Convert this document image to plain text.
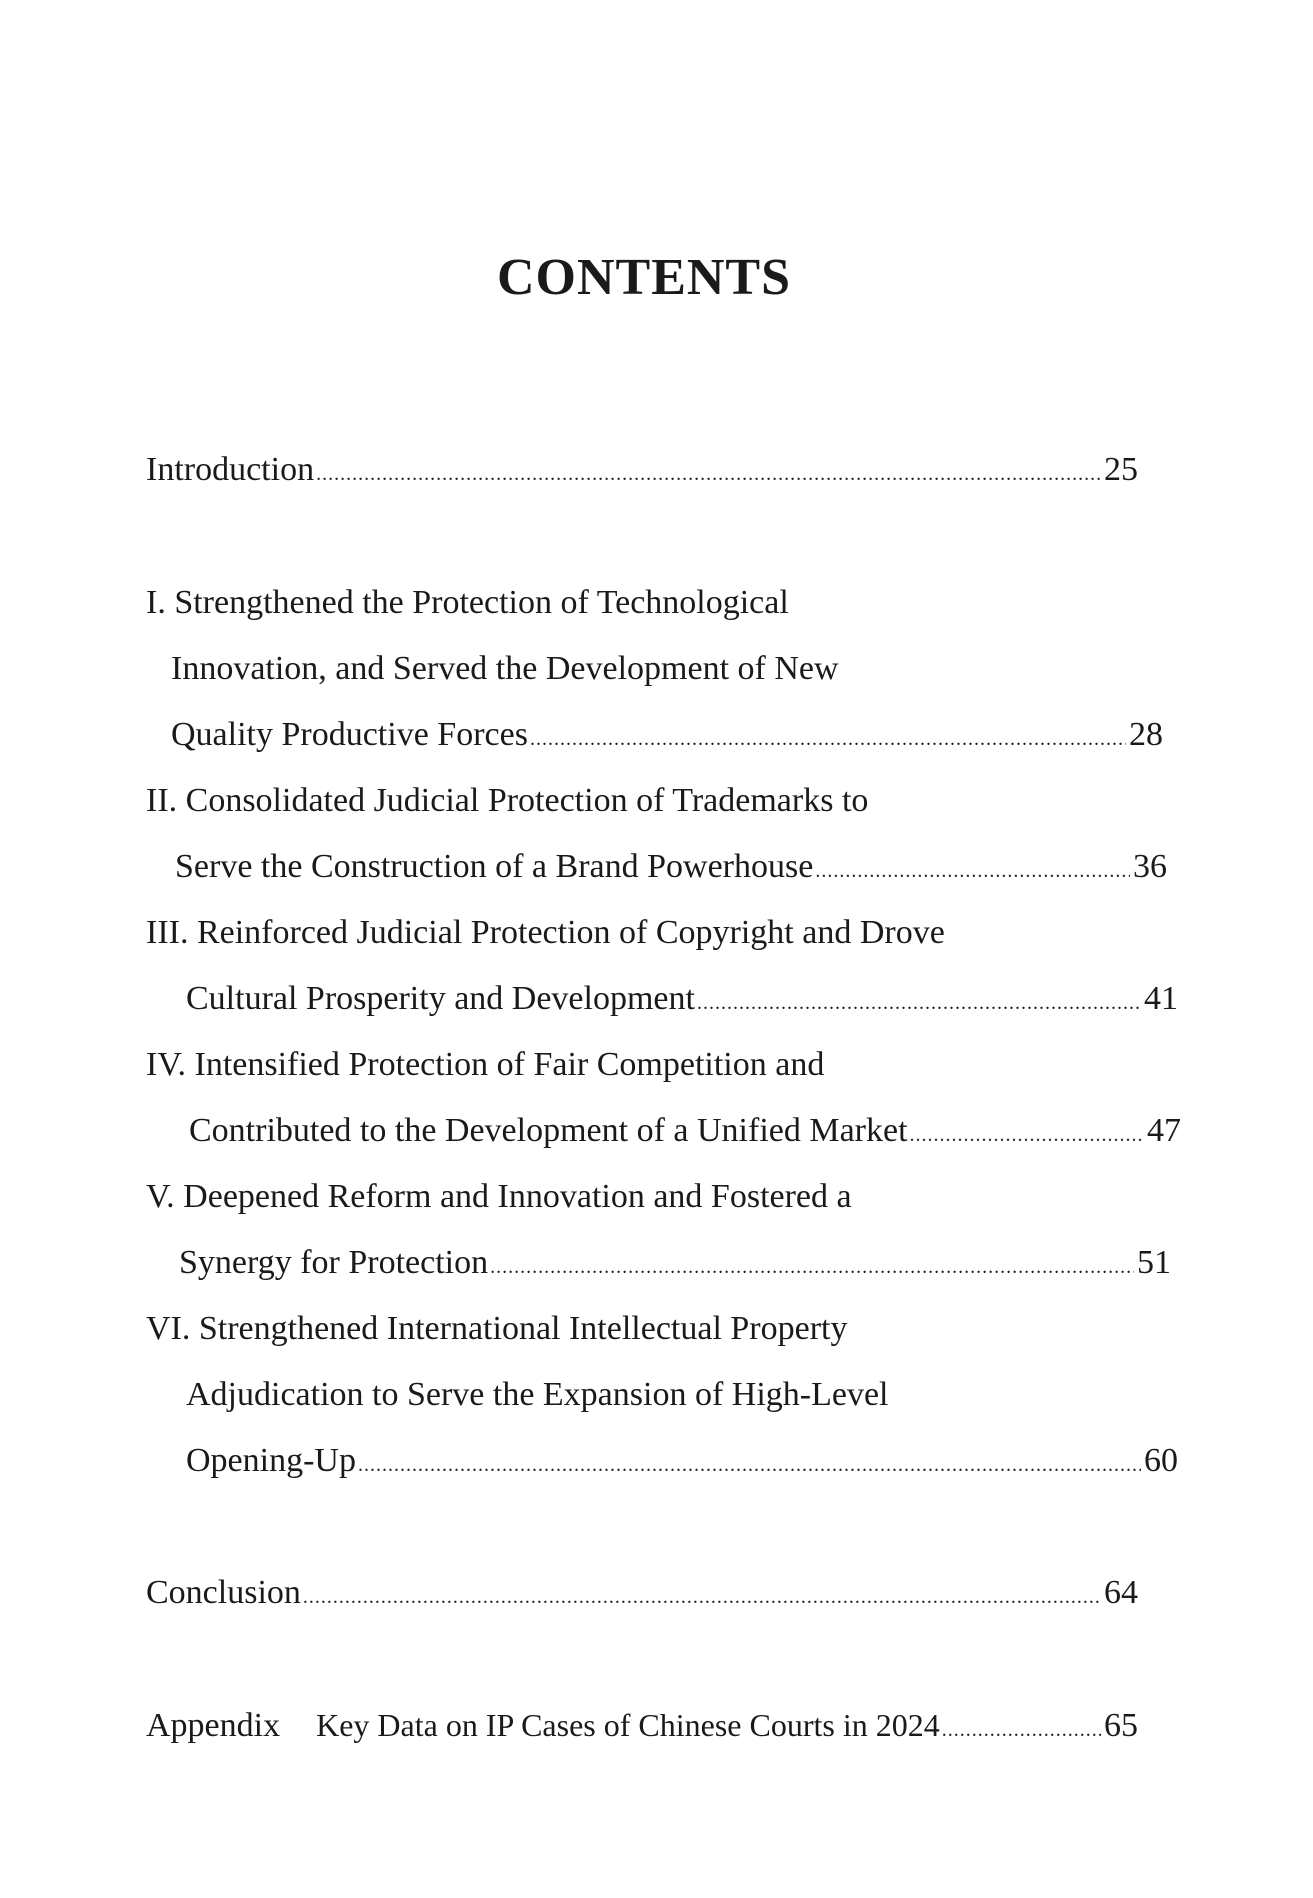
CONTENTS
Introduction .....	25
I. Strengthened the Protection of Technological
Innovation, and Served the Development of New
Quality Productive Forces .....	28
II. Consolidated Judicial Protection of Trademarks to
Serve the Construction of a Brand Powerhouse .....	36
III. Reinforced Judicial Protection of Copyright and Drove
Cultural Prosperity and Development .....	41
IV. Intensified Protection of Fair Competition and
Contributed to the Development of a Unified Market .....	47
V. Deepened Reform and Innovation and Fostered a
Synergy for Protection .....	51
VI. Strengthened International Intellectual Property
Adjudication to Serve the Expansion of High-Level
Opening-Up .....	60
Conclusion .....	64
Appendix Key Data on IP Cases of Chinese Courts in 2024 .....	65
